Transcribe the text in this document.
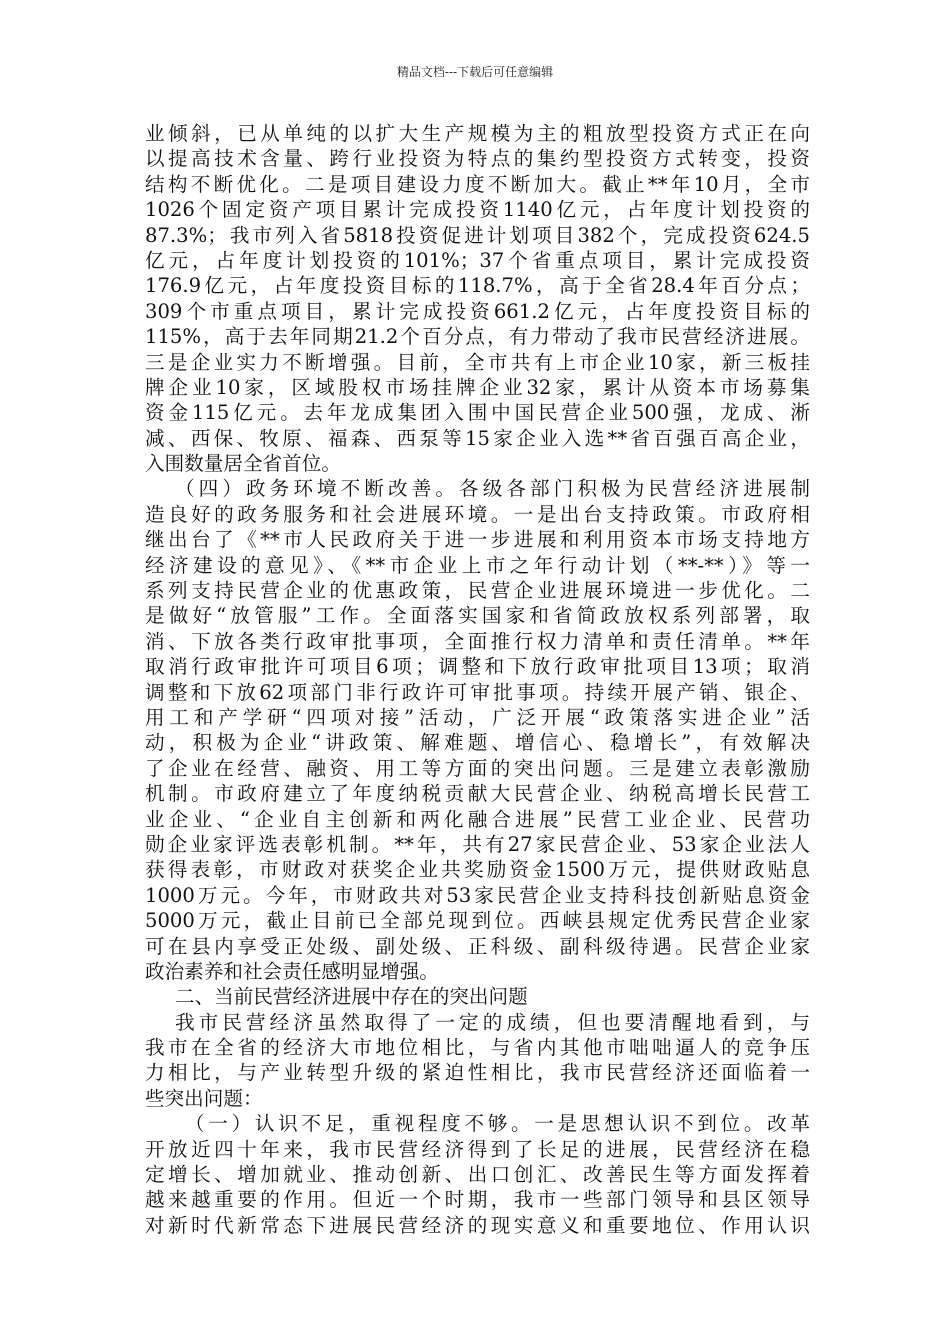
精品文档---下载后可任意编辑
业倾斜，已从单纯的以扩大生产规模为主的粗放型投资方式正在向
以提高技术含量、跨行业投资为特点的集约型投资方式转变，投资
结构不断优化。二是项目建设力度不断加大。截止**年10月，全市
1026个固定资产项目累计完成投资1140亿元，占年度计划投资的
87.3%；我市列入省5818投资促进计划项目382个，完成投资624.5
亿元，占年度计划投资的101%；37个省重点项目，累计完成投资
176.9亿元，占年度投资目标的118.7%，高于全省28.4年百分点；
309个市重点项目，累计完成投资661.2亿元，占年度投资目标的
115%，高于去年同期21.2个百分点，有力带动了我市民营经济进展。
三是企业实力不断增强。目前，全市共有上市企业10家，新三板挂
牌企业10家，区域股权市场挂牌企业32家，累计从资本市场募集
资金115亿元。去年龙成集团入围中国民营企业500强，龙成、淅
减、西保、牧原、福森、西泵等15家企业入选**省百强百高企业，
入围数量居全省首位。
（四）政务环境不断改善。各级各部门积极为民营经济进展制
造良好的政务服务和社会进展环境。一是出台支持政策。市政府相
继出台了《**市人民政府关于进一步进展和利用资本市场支持地方
经济建设的意见》、《**市企业上市之年行动计划（**-**）》等一
系列支持民营企业的优惠政策，民营企业进展环境进一步优化。二
是做好“放管服”工作。全面落实国家和省简政放权系列部署，取
消、下放各类行政审批事项，全面推行权力清单和责任清单。**年
取消行政审批许可项目6项；调整和下放行政审批项目13项；取消
调整和下放62项部门非行政许可审批事项。持续开展产销、银企、
用工和产学研“四项对接”活动，广泛开展“政策落实进企业”活
动，积极为企业“讲政策、解难题、增信心、稳增长”，有效解决
了企业在经营、融资、用工等方面的突出问题。三是建立表彰激励
机制。市政府建立了年度纳税贡献大民营企业、纳税高增长民营工
业企业、“企业自主创新和两化融合进展”民营工业企业、民营功
勋企业家评选表彰机制。**年，共有27家民营企业、53家企业法人
获得表彰，市财政对获奖企业共奖励资金1500万元，提供财政贴息
1000万元。今年，市财政共对53家民营企业支持科技创新贴息资金
5000万元，截止目前已全部兑现到位。西峡县规定优秀民营企业家
可在县内享受正处级、副处级、正科级、副科级待遇。民营企业家
政治素养和社会责任感明显增强。
二、当前民营经济进展中存在的突出问题
我市民营经济虽然取得了一定的成绩，但也要清醒地看到，与
我市在全省的经济大市地位相比，与省内其他市咄咄逼人的竞争压
力相比，与产业转型升级的紧迫性相比，我市民营经济还面临着一
些突出问题：
（一）认识不足，重视程度不够。一是思想认识不到位。改革
开放近四十年来，我市民营经济得到了长足的进展，民营经济在稳
定增长、增加就业、推动创新、出口创汇、改善民生等方面发挥着
越来越重要的作用。但近一个时期，我市一些部门领导和县区领导
对新时代新常态下进展民营经济的现实意义和重要地位、作用认识
